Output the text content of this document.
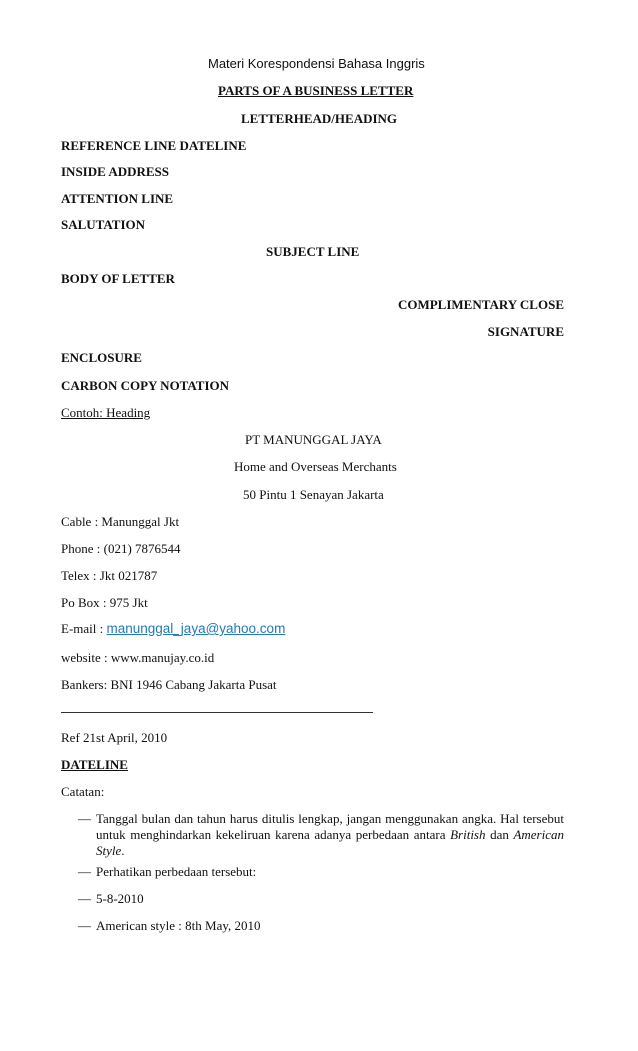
Materi Korespondensi Bahasa Inggris
PARTS OF A BUSINESS LETTER
LETTERHEAD/HEADING
REFERENCE LINE DATELINE
INSIDE ADDRESS
ATTENTION LINE
SALUTATION
SUBJECT LINE
BODY OF LETTER
COMPLIMENTARY CLOSE
SIGNATURE
ENCLOSURE
CARBON COPY NOTATION
Contoh: Heading
PT MANUNGGAL JAYA
Home and Overseas Merchants
50 Pintu 1 Senayan Jakarta
Cable : Manunggal Jkt
Phone : (021) 7876544
Telex : Jkt 021787
Po Box : 975 Jkt
E-mail : manunggal_jaya@yahoo.com
website : www.manujay.co.id
Bankers: BNI 1946 Cabang Jakarta Pusat
Ref 21st April, 2010
DATELINE
Catatan:
— Tanggal bulan dan tahun harus ditulis lengkap, jangan menggunakan angka. Hal tersebut untuk menghindarkan kekeliruan karena adanya perbedaan antara British dan American Style.
— Perhatikan perbedaan tersebut:
— 5-8-2010
— American style : 8th May, 2010
